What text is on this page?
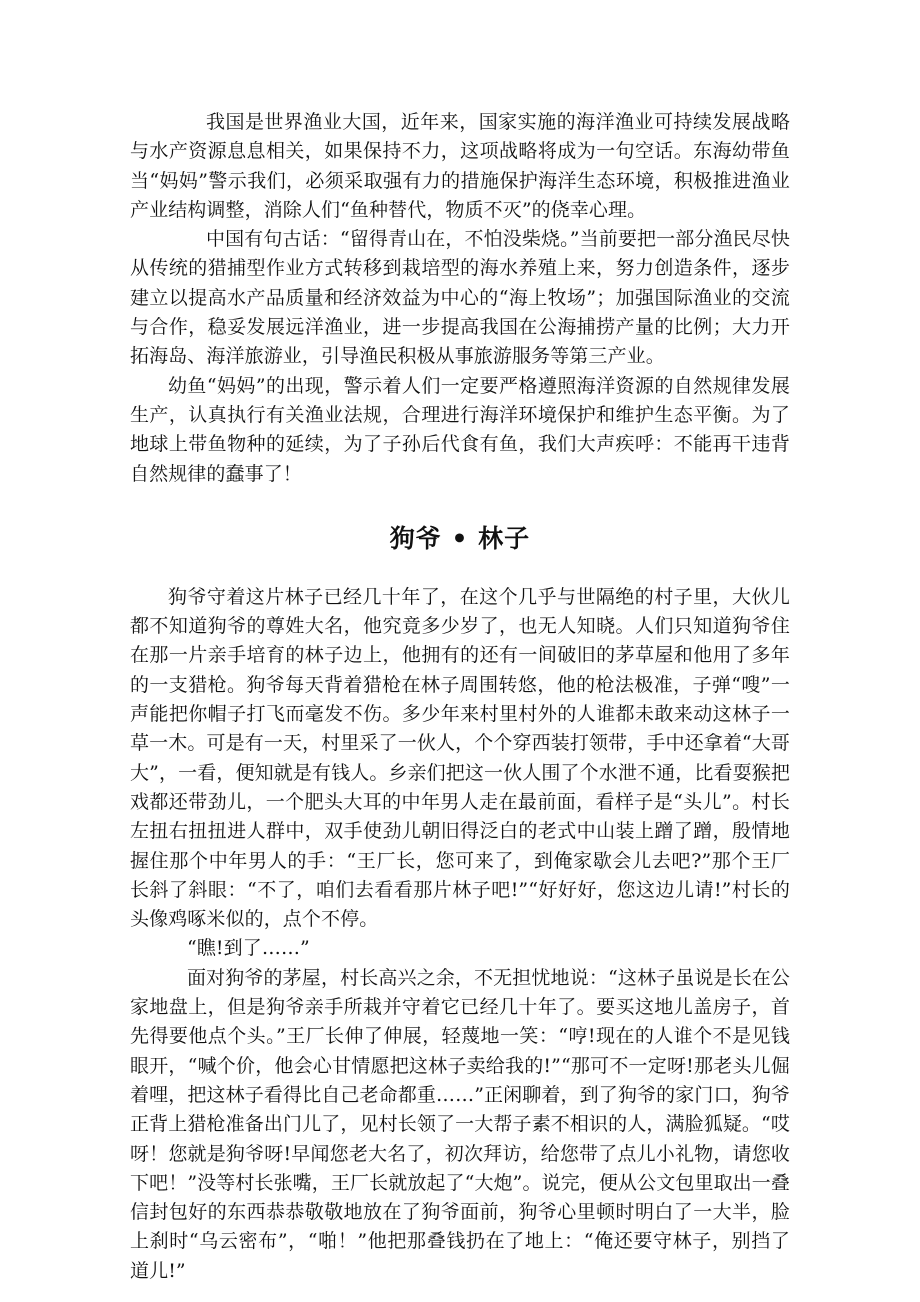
我国是世界渔业大国，近年来，国家实施的海洋渔业可持续发展战略与水产资源息息相关，如果保持不力，这项战略将成为一句空话。东海幼带鱼当“妈妈”警示我们，必须采取强有力的措施保护海洋生态环境，积极推进渔业产业结构调整，消除人们“鱼种替代，物质不灭”的侥幸心理。

中国有句古话：“留得青山在，不怕没柴烧。”当前要把一部分渔民尽快从传统的猎捕型作业方式转移到栽培型的海水养殖上来，努力创造条件，逐步建立以提高水产品质量和经济效益为中心的“海上牧场”；加强国际渔业的交流与合作，稳妥发展远洋渔业，进一步提高我国在公海捕捞产量的比例；大力开拓海岛、海洋旅游业，引导渔民积极从事旅游服务等第三产业。

幼鱼“妈妈”的出现，警示着人们一定要严格遵照海洋资源的自然规律发展生产，认真执行有关渔业法规，合理进行海洋环境保护和维护生态平衡。为了地球上带鱼物种的延续，为了子孙后代食有鱼，我们大声疾呼：不能再干违背自然规律的蠢事了！

狗爷 • 林子

狗爷守着这片林子已经几十年了，在这个几乎与世隔绝的村子里，大伙儿都不知道狗爷的尊姓大名，他究竟多少岁了，也无人知晓。人们只知道狗爷住在那一片亲手培育的林子边上，他拥有的还有一间破旧的茅草屋和他用了多年的一支猎枪。狗爷每天背着猎枪在林子周围转悠，他的枪法极准，子弹“嗖”一声能把你帽子打飞而毫发不伤。多少年来村里村外的人谁都未敢来动这林子一草一木。可是有一天，村里采了一伙人，个个穿西装打领带，手中还拿着“大哥大”，一看，便知就是有钱人。乡亲们把这一伙人围了个水泄不通，比看耍猴把戏都还带劲儿，一个肥头大耳的中年男人走在最前面，看样子是“头儿”。村长左扭右扭扭进人群中，双手使劲儿朝旧得泛白的老式中山装上蹭了蹭，殷情地握住那个中年男人的手：“王厂长，您可来了，到俺家歇会儿去吧?”那个王厂长斜了斜眼：“不了，咱们去看看那片林子吧!”“好好好，您这边儿请!”村长的头像鸡啄米似的，点个不停。

“瞧!到了……”

面对狗爷的茅屋，村长高兴之余，不无担忧地说：“这林子虽说是长在公家地盘上，但是狗爷亲手所栽并守着它已经几十年了。要买这地儿盖房子，首先得要他点个头。”王厂长伸了伸展，轻蔑地一笑：“哼!现在的人谁个不是见钱眼开，“喊个价，他会心甘情愿把这林子卖给我的!”“那可不一定呀!那老头儿倔着哩，把这林子看得比自己老命都重……”正闲聊着，到了狗爷的家门口，狗爷正背上猎枪准备出门儿了，见村长领了一大帮子素不相识的人，满脸狐疑。“哎呀！您就是狗爷呀!早闻您老大名了，初次拜访，给您带了点儿小礼物，请您收下吧！”没等村长张嘴，王厂长就放起了“大炮”。说完，便从公文包里取出一叠信封包好的东西恭恭敬敬地放在了狗爷面前，狗爷心里顿时明白了一大半，脸上刹时“乌云密布”，“啪！”他把那叠钱扔在了地上：“俺还要守林子，别挡了道儿!”
